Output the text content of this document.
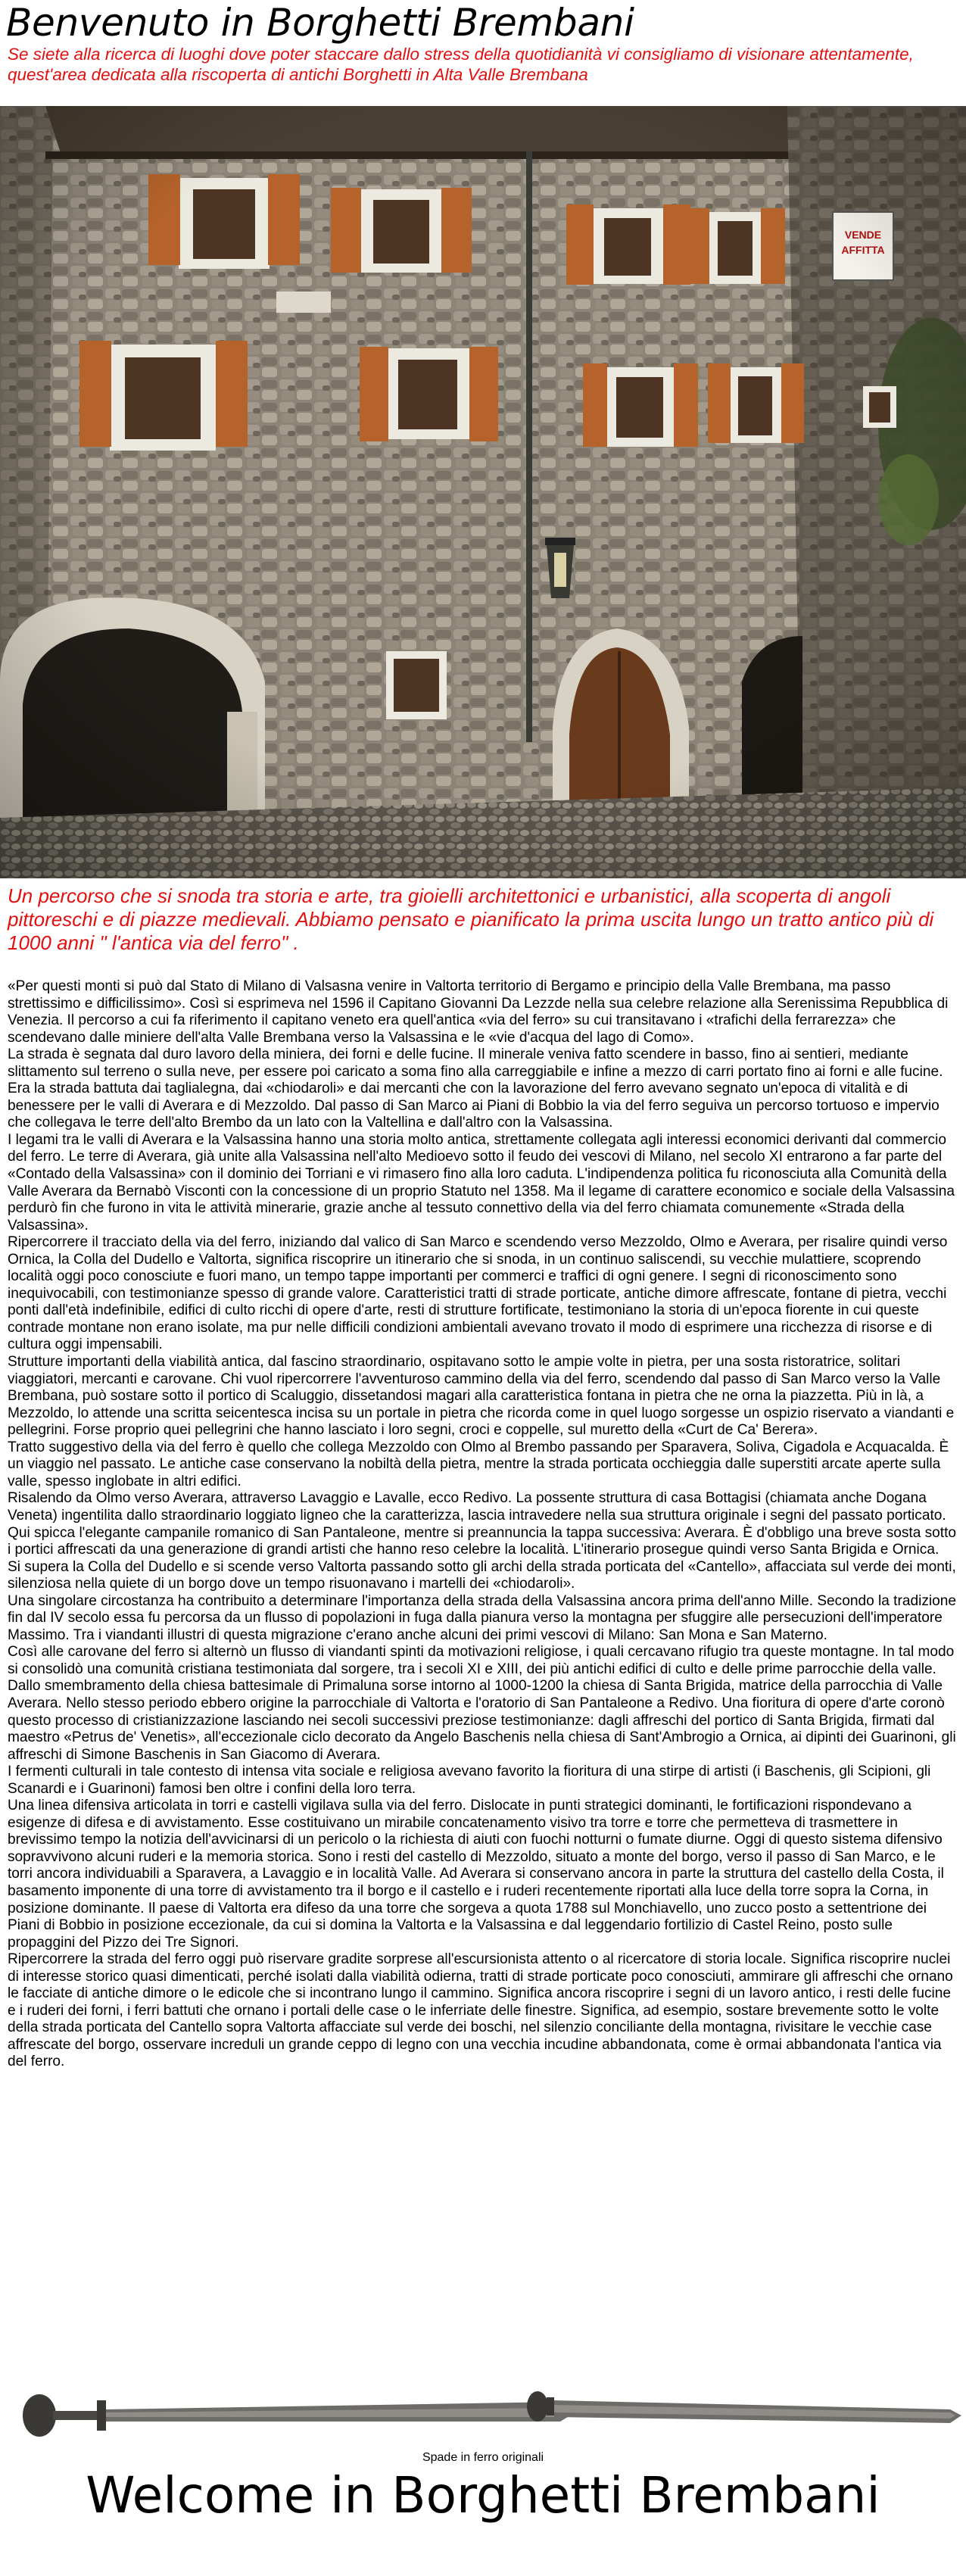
Benvenuto in Borghetti Brembani

Se siete alla ricerca di luoghi dove poter staccare dallo stress della quotidianità vi consigliamo di visionare attentamente, quest'area dedicata alla riscoperta di antichi Borghetti in Alta Valle Brembana

Un percorso che si snoda tra storia e arte, tra gioielli architettonici e urbanistici, alla scoperta di angoli pittoreschi e di piazze medievali. Abbiamo pensato e pianificato la prima uscita lungo un tratto antico più di 1000 anni " l'antica via del ferro" .

«Per questi monti si può dal Stato di Milano di Valsasna venire in Valtorta territorio di Bergamo e principio della Valle Brembana, ma passo strettissimo e difficilissimo». Così si esprimeva nel 1596 il Capitano Giovanni Da Lezzde nella sua celebre relazione alla Serenissima Repubblica di Venezia. Il percorso a cui fa riferimento il capitano veneto era quell'antica «via del ferro» su cui transitavano i «trafichi della ferrarezza» che scendevano dalle miniere dell'alta Valle Brembana verso la Valsassina e le «vie d'acqua del lago di Como».

La strada è segnata dal duro lavoro della miniera, dei forni e delle fucine. Il minerale veniva fatto scendere in basso, fino ai sentieri, mediante slittamento sul terreno o sulla neve, per essere poi caricato a soma fino alla carreggiabile e infine a mezzo di carri portato fino ai forni e alle fucine. Era la strada battuta dai taglialegna, dai «chiodaroli» e dai mercanti che con la lavorazione del ferro avevano segnato un'epoca di vitalità e di benessere per le valli di Averara e di Mezzoldo. Dal passo di San Marco ai Piani di Bobbio la via del ferro seguiva un percorso tortuoso e impervio che collegava le terre dell'alto Brembo da un lato con la Valtellina e dall'altro con la Valsassina.

I legami tra le valli di Averara e la Valsassina hanno una storia molto antica, strettamente collegata agli interessi economici derivanti dal commercio del ferro. Le terre di Averara, già unite alla Valsassina nell'alto Medioevo sotto il feudo dei vescovi di Milano, nel secolo XI entrarono a far parte del «Contado della Valsassina» con il dominio dei Torriani e vi rimasero fino alla loro caduta. L'indipendenza politica fu riconosciuta alla Comunità della Valle Averara da Bernabò Visconti con la concessione di un proprio Statuto nel 1358. Ma il legame di carattere economico e sociale della Valsassina perdurò fin che furono in vita le attività minerarie, grazie anche al tessuto connettivo della via del ferro chiamata comunemente «Strada della Valsassina».

Ripercorrere il tracciato della via del ferro, iniziando dal valico di San Marco e scendendo verso Mezzoldo, Olmo e Averara, per risalire quindi verso Ornica, la Colla del Dudello e Valtorta, significa riscoprire un itinerario che si snoda, in un continuo saliscendi, su vecchie mulattiere, scoprendo località oggi poco conosciute e fuori mano, un tempo tappe importanti per commerci e traffici di ogni genere. I segni di riconoscimento sono inequivocabili, con testimonianze spesso di grande valore. Caratteristici tratti di strade porticate, antiche dimore affrescate, fontane di pietra, vecchi ponti dall'età indefinibile, edifici di culto ricchi di opere d'arte, resti di strutture fortificate, testimoniano la storia di un'epoca fiorente in cui queste contrade montane non erano isolate, ma pur nelle difficili condizioni ambientali avevano trovato il modo di esprimere una ricchezza di risorse e di cultura oggi impensabili.

Strutture importanti della viabilità antica, dal fascino straordinario, ospitavano sotto le ampie volte in pietra, per una sosta ristoratrice, solitari viaggiatori, mercanti e carovane. Chi vuol ripercorrere l'avventuroso cammino della via del ferro, scendendo dal passo di San Marco verso la Valle Brembana, può sostare sotto il portico di Scaluggio, dissetandosi magari alla caratteristica fontana in pietra che ne orna la piazzetta. Più in là, a Mezzoldo, lo attende una scritta seicentesca incisa su un portale in pietra che ricorda come in quel luogo sorgesse un ospizio riservato a viandanti e pellegrini. Forse proprio quei pellegrini che hanno lasciato i loro segni, croci e coppelle, sul muretto della «Curt de Ca' Berera».

Tratto suggestivo della via del ferro è quello che collega Mezzoldo con Olmo al Brembo passando per Sparavera, Soliva, Cigadola e Acquacalda. È un viaggio nel passato. Le antiche case conservano la nobiltà della pietra, mentre la strada porticata occhieggia dalle superstiti arcate aperte sulla valle, spesso inglobate in altri edifici.

Risalendo da Olmo verso Averara, attraverso Lavaggio e Lavalle, ecco Redivo. La possente struttura di casa Bottagisi (chiamata anche Dogana Veneta) ingentilita dallo straordinario loggiato ligneo che la caratterizza, lascia intravedere nella sua struttura originale i segni del passato porticato. Qui spicca l'elegante campanile romanico di San Pantaleone, mentre si preannuncia la tappa successiva: Averara. È d'obbligo una breve sosta sotto i portici affrescati da una generazione di grandi artisti che hanno reso celebre la località. L'itinerario prosegue quindi verso Santa Brigida e Ornica.

Si supera la Colla del Dudello e si scende verso Valtorta passando sotto gli archi della strada porticata del «Cantello», affacciata sul verde dei monti, silenziosa nella quiete di un borgo dove un tempo risuonavano i martelli dei «chiodaroli».

Una singolare circostanza ha contribuito a determinare l'importanza della strada della Valsassina ancora prima dell'anno Mille. Secondo la tradizione fin dal IV secolo essa fu percorsa da un flusso di popolazioni in fuga dalla pianura verso la montagna per sfuggire alle persecuzioni dell'imperatore Massimo. Tra i viandanti illustri di questa migrazione c'erano anche alcuni dei primi vescovi di Milano: San Mona e San Materno.

Così alle carovane del ferro si alternò un flusso di viandanti spinti da motivazioni religiose, i quali cercavano rifugio tra queste montagne. In tal modo si consolidò una comunità cristiana testimoniata dal sorgere, tra i secoli XI e XIII, dei più antichi edifici di culto e delle prime parrocchie della valle. Dallo smembramento della chiesa battesimale di Primaluna sorse intorno al 1000-1200 la chiesa di Santa Brigida, matrice della parrocchia di Valle Averara. Nello stesso periodo ebbero origine la parrocchiale di Valtorta e l'oratorio di San Pantaleone a Redivo. Una fioritura di opere d'arte coronò questo processo di cristianizzazione lasciando nei secoli successivi preziose testimonianze: dagli affreschi del portico di Santa Brigida, firmati dal maestro «Petrus de' Venetis», all'eccezionale ciclo decorato da Angelo Baschenis nella chiesa di Sant'Ambrogio a Ornica, ai dipinti dei Guarinoni, gli affreschi di Simone Baschenis in San Giacomo di Averara.

I fermenti culturali in tale contesto di intensa vita sociale e religiosa avevano favorito la fioritura di una stirpe di artisti (i Baschenis, gli Scipioni, gli Scanardi e i Guarinoni) famosi ben oltre i confini della loro terra.

Una linea difensiva articolata in torri e castelli vigilava sulla via del ferro. Dislocate in punti strategici dominanti, le fortificazioni rispondevano a esigenze di difesa e di avvistamento. Esse costituivano un mirabile concatenamento visivo tra torre e torre che permetteva di trasmettere in brevissimo tempo la notizia dell'avvicinarsi di un pericolo o la richiesta di aiuti con fuochi notturni o fumate diurne. Oggi di questo sistema difensivo sopravvivono alcuni ruderi e la memoria storica. Sono i resti del castello di Mezzoldo, situato a monte del borgo, verso il passo di San Marco, e le torri ancora individuabili a Sparavera, a Lavaggio e in località Valle. Ad Averara si conservano ancora in parte la struttura del castello della Costa, il basamento imponente di una torre di avvistamento tra il borgo e il castello e i ruderi recentemente riportati alla luce della torre sopra la Corna, in posizione dominante. Il paese di Valtorta era difeso da una torre che sorgeva a quota 1788 sul Monchiavello, uno zucco posto a settentrione dei Piani di Bobbio in posizione eccezionale, da cui si domina la Valtorta e la Valsassina e dal leggendario fortilizio di Castel Reino, posto sulle propaggini del Pizzo dei Tre Signori.

Ripercorrere la strada del ferro oggi può riservare gradite sorprese all'escursionista attento o al ricercatore di storia locale. Significa riscoprire nuclei di interesse storico quasi dimenticati, perché isolati dalla viabilità odierna, tratti di strade porticate poco conosciuti, ammirare gli affreschi che ornano le facciate di antiche dimore o le edicole che si incontrano lungo il cammino. Significa ancora riscoprire i segni di un lavoro antico, i resti delle fucine e i ruderi dei forni, i ferri battuti che ornano i portali delle case o le inferriate delle finestre. Significa, ad esempio, sostare brevemente sotto le volte della strada porticata del Cantello sopra Valtorta affacciate sul verde dei boschi, nel silenzio conciliante della montagna, rivisitare le vecchie case affrescate del borgo, osservare increduli un grande ceppo di legno con una vecchia incudine abbandonata, come è ormai abbandonata l'antica via del ferro.

Spade in ferro originali

Welcome in Borghetti Brembani
